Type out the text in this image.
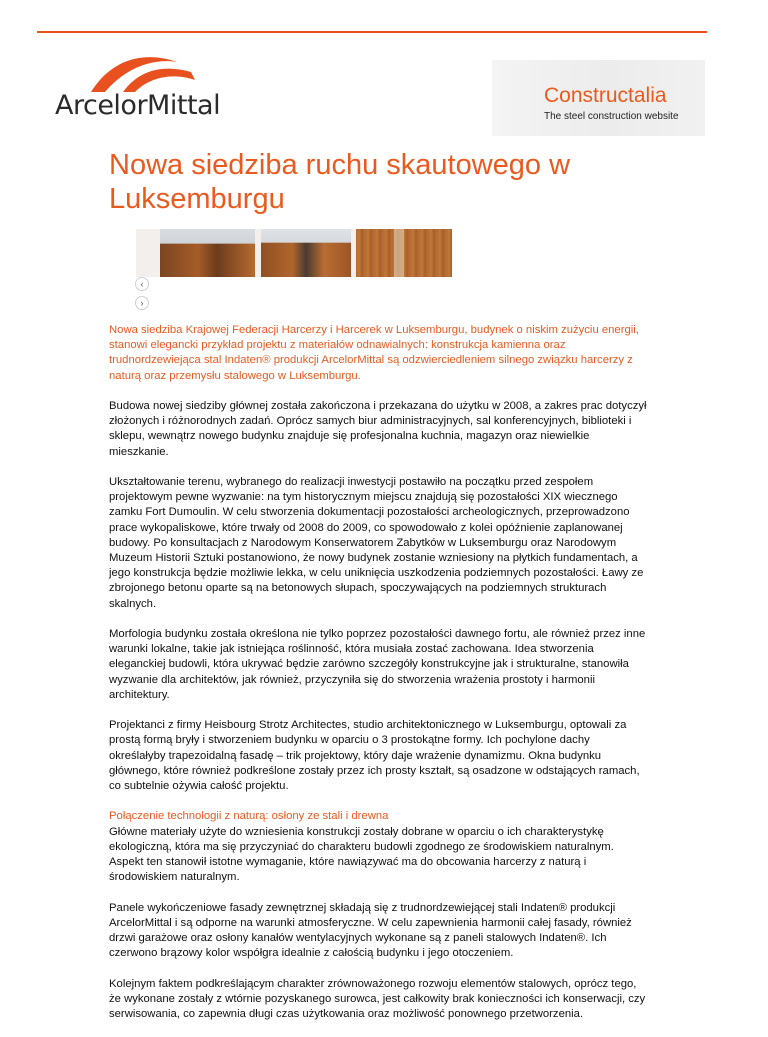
ArcelorMittal	Constructalia
The steel construction website
Nowa siedziba ruchu skautowego w Luksemburgu
‹
›

Nowa siedziba Krajowej Federacji Harcerzy i Harcerek w Luksemburgu, budynek o niskim zużyciu energii, stanowi elegancki przykład projektu z materiałów odnawialnych: konstrukcja kamienna oraz trudnordzewiejąca stal Indaten® produkcji ArcelorMittal są odzwierciedleniem silnego związku harcerzy z naturą oraz przemysłu stalowego w Luksemburgu.

Budowa nowej siedziby głównej została zakończona i przekazana do użytku w 2008, a zakres prac dotyczył złożonych i różnorodnych zadań. Oprócz samych biur administracyjnych, sal konferencyjnych, biblioteki i sklepu, wewnątrz nowego budynku znajduje się profesjonalna kuchnia, magazyn oraz niewielkie mieszkanie.

Ukształtowanie terenu, wybranego do realizacji inwestycji postawiło na początku przed zespołem projektowym pewne wyzwanie: na tym historycznym miejscu znajdują się pozostałości XIX wiecznego zamku Fort Dumoulin. W celu stworzenia dokumentacji pozostałości archeologicznych, przeprowadzono prace wykopaliskowe, które trwały od 2008 do 2009, co spowodowało z kolei opóźnienie zaplanowanej budowy. Po konsultacjach z Narodowym Konserwatorem Zabytków w Luksemburgu oraz Narodowym Muzeum Historii Sztuki postanowiono, że nowy budynek zostanie wzniesiony na płytkich fundamentach, a jego konstrukcja będzie możliwie lekka, w celu uniknięcia uszkodzenia podziemnych pozostałości. Ławy ze zbrojonego betonu oparte są na betonowych słupach, spoczywających na podziemnych strukturach skalnych.

Morfologia budynku została określona nie tylko poprzez pozostałości dawnego fortu, ale również przez inne warunki lokalne, takie jak istniejąca roślinność, która musiała zostać zachowana. Idea stworzenia eleganckiej budowli, która ukrywać będzie zarówno szczegóły konstrukcyjne jak i strukturalne, stanowiła wyzwanie dla architektów, jak również, przyczyniła się do stworzenia wrażenia prostoty i harmonii architektury.

Projektanci z firmy Heisbourg Strotz Architectes, studio architektonicznego w Luksemburgu, optowali za prostą formą bryły i stworzeniem budynku w oparciu o 3 prostokątne formy. Ich pochylone dachy określałyby trapezoidalną fasadę – trik projektowy, który daje wrażenie dynamizmu. Okna budynku głównego, które również podkreślone zostały przez ich prosty kształt, są osadzone w odstających ramach, co subtelnie ożywia całość projektu.

Połączenie technologii z naturą: osłony ze stali i drewna
Główne materiały użyte do wzniesienia konstrukcji zostały dobrane w oparciu o ich charakterystykę ekologiczną, która ma się przyczyniać do charakteru budowli zgodnego ze środowiskiem naturalnym. Aspekt ten stanowił istotne wymaganie, które nawiązywać ma do obcowania harcerzy z naturą i środowiskiem naturalnym.

Panele wykończeniowe fasady zewnętrznej składają się z trudnordzewiejącej stali Indaten® produkcji ArcelorMittal i są odporne na warunki atmosferyczne. W celu zapewnienia harmonii całej fasady, również drzwi garażowe oraz osłony kanałów wentylacyjnych wykonane są z paneli stalowych Indaten®. Ich czerwono brązowy kolor współgra idealnie z całością budynku i jego otoczeniem.

Kolejnym faktem podkreślającym charakter zrównoważonego rozwoju elementów stalowych, oprócz tego, że wykonane zostały z wtórnie pozyskanego surowca, jest całkowity brak konieczności ich konserwacji, czy serwisowania, co zapewnia długi czas użytkowania oraz możliwość ponownego przetworzenia.
